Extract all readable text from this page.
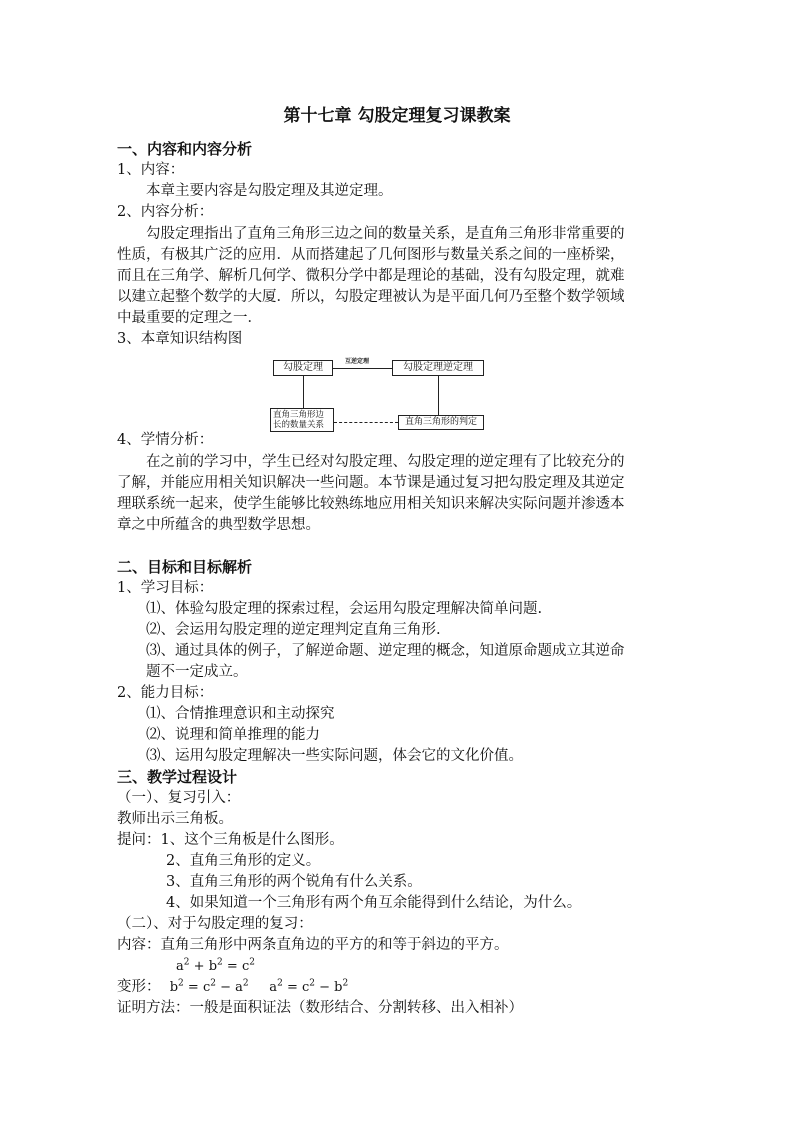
第十七章 勾股定理复习课教案
一、内容和内容分析
1、内容：
本章主要内容是勾股定理及其逆定理。
2、内容分析：
勾股定理指出了直角三角形三边之间的数量关系，是直角三角形非常重要的
性质，有极其广泛的应用．从而搭建起了几何图形与数量关系之间的一座桥梁，
而且在三角学、解析几何学、微积分学中都是理论的基础，没有勾股定理，就难
以建立起整个数学的大厦．所以，勾股定理被认为是平面几何乃至整个数学领域
中最重要的定理之一．
3、本章知识结构图
勾股定理	勾股定理逆定理
互逆定理
直角三角形边长的数量关系	直角三角形的判定
4、学情分析：
在之前的学习中，学生已经对勾股定理、勾股定理的逆定理有了比较充分的
了解，并能应用相关知识解决一些问题。本节课是通过复习把勾股定理及其逆定
理联系统一起来，使学生能够比较熟练地应用相关知识来解决实际问题并渗透本
章之中所蕴含的典型数学思想。
二、目标和目标解析
1、学习目标：
⑴、体验勾股定理的探索过程，会运用勾股定理解决简单问题.
⑵、会运用勾股定理的逆定理判定直角三角形.
⑶、通过具体的例子，了解逆命题、逆定理的概念，知道原命题成立其逆命
题不一定成立。
2、能力目标：
⑴、合情推理意识和主动探究
⑵、说理和简单推理的能力
⑶、运用勾股定理解决一些实际问题，体会它的文化价值。
三、教学过程设计
（一）、复习引入：
教师出示三角板。
提问：1、这个三角板是什么图形。
2、直角三角形的定义。
3、直角三角形的两个锐角有什么关系。
4、如果知道一个三角形有两个角互余能得到什么结论，为什么。
（二）、对于勾股定理的复习：
内容：直角三角形中两条直角边的平方的和等于斜边的平方。
$a^2 + b^2 = c^2$
变形： $b^2 = c^2 - a^2$ $a^2 = c^2 - b^2$
证明方法：一般是面积证法（数形结合、分割转移、出入相补）
